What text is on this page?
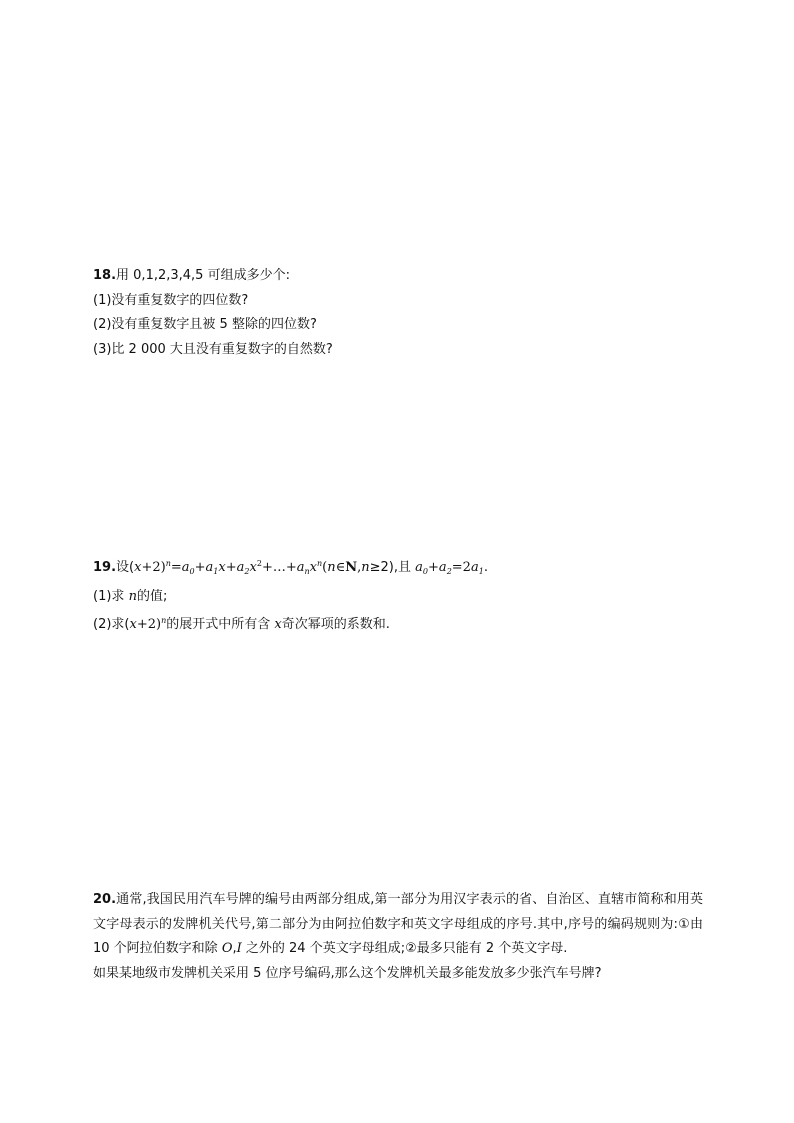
18.用 0,1,2,3,4,5 可组成多少个:
(1)没有重复数字的四位数?
(2)没有重复数字且被 5 整除的四位数?
(3)比 2 000 大且没有重复数字的自然数?
19.设$(x+2)^n=a_0+a_1x+a_2x^2+\dots+a_nx^n(n\in N,n\ge 2)$,且 $a_0+a_2=2a_1$.
(1)求 n的值;
(2)求$(x+2)^n$的展开式中所有含 x奇次幂项的系数和.
20.通常,我国民用汽车号牌的编号由两部分组成,第一部分为用汉字表示的省、自治区、直辖市简称和用英文字母表示的发牌机关代号,第二部分为由阿拉伯数字和英文字母组成的序号.其中,序号的编码规则为:①由 10 个阿拉伯数字和除 O,I 之外的 24 个英文字母组成;②最多只能有 2 个英文字母.
如果某地级市发牌机关采用 5 位序号编码,那么这个发牌机关最多能发放多少张汽车号牌?
